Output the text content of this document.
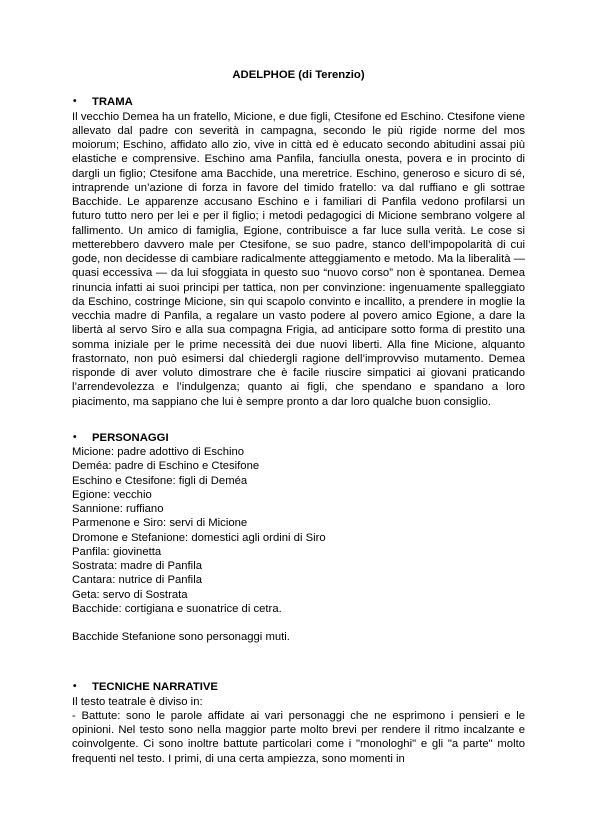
ADELPHOE (di Terenzio)

•	TRAMA

Il vecchio Demea ha un fratello, Micione, e due figli, Ctesifone ed Eschino. Ctesifone viene allevato dal padre con severità in campagna, secondo le più rigide norme del mos moiorum; Eschino, affidato allo zio, vive in città ed è educato secondo abitudini assai più elastiche e comprensive. Eschino ama Panfila, fanciulla onesta, povera e in procinto di dargli un figlio; Ctesifone ama Bacchide, una meretrice. Eschino, generoso e sicuro di sé, intraprende un’azione di forza in favore del timido fratello: va dal ruffiano e gli sottrae Bacchide. Le apparenze accusano Eschino e i familiari di Panfila vedono profilarsi un futuro tutto nero per lei e per il figlio; i metodi pedagogici di Micione sembrano volgere al fallimento. Un amico di famiglia, Egione, contribuisce a far luce sulla verità. Le cose si metterebbero davvero male per Ctesifone, se suo padre, stanco dell’impopolarità di cui gode, non decidesse di cambiare radicalmente atteggiamento e metodo. Ma la liberalità —quasi eccessiva — da lui sfoggiata in questo suo “nuovo corso” non è spontanea. Demea rinuncia infatti ai suoi principi per tattica, non per convinzione: ingenuamente spalleggiato da Eschino, costringe Micione, sin qui scapolo convinto e incallito, a prendere in moglie la vecchia madre di Panfila, a regalare un vasto podere al povero amico Egione, a dare la libertà al servo Siro e alla sua compagna Frigia, ad anticipare sotto forma di prestito una somma iniziale per le prime necessità dei due nuovi liberti. Alla fine Micione, alquanto frastornato, non può esimersi dal chiedergli ragione dell’improvviso mutamento. Demea risponde di aver voluto dimostrare che è facile riuscire simpatici ai giovani praticando l’arrendevolezza e l’indulgenza; quanto ai figli, che spendano e spandano a loro piacimento, ma sappiano che lui è sempre pronto a dar loro qualche buon consiglio.

•	PERSONAGGI
Micione: padre adottivo di Eschino
Deméa: padre di Eschino e Ctesifone
Eschino e Ctesifone: figli di Deméa
Egione: vecchio
Sannione: ruffiano
Parmenone e Siro: servi di Micione
Dromone e Stefanione: domestici agli ordini di Siro
Panfila: giovinetta
Sostrata: madre di Panfila
Cantara: nutrice di Panfila
Geta: servo di Sostrata
Bacchide: cortigiana e suonatrice di cetra.

Bacchide Stefanione sono personaggi muti.

•	TECNICHE NARRATIVE

Il testo teatrale è diviso in:

- Battute: sono le parole affidate ai vari personaggi che ne esprimono i pensieri e le opinioni. Nel testo sono nella maggior parte molto brevi per rendere il ritmo incalzante e coinvolgente. Ci sono inoltre battute particolari come i "monologhi" e gli "a parte" molto frequenti nel testo. I primi, di una certa ampiezza, sono momenti in
